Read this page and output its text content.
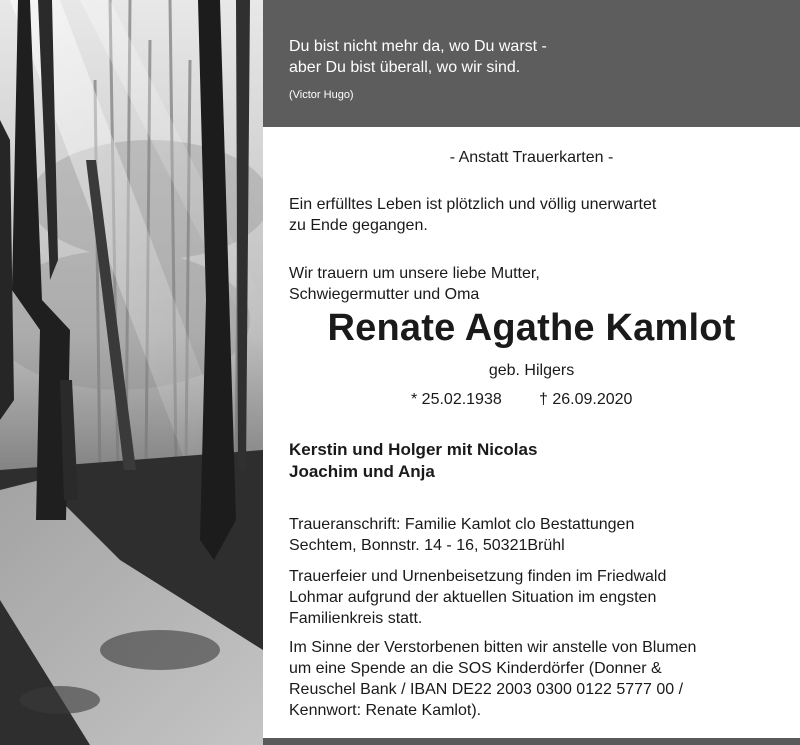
Du bist nicht mehr da, wo Du warst -
aber Du bist überall, wo wir sind.
(Victor Hugo)
- Anstatt Trauerkarten -
Ein erfülltes Leben ist plötzlich und völlig unerwartet
zu Ende gegangen.
Wir trauern um unsere liebe Mutter,
Schwiegermutter und Oma
Renate Agathe Kamlot
geb. Hilgers
* 25.02.1938 † 26.09.2020
Kerstin und Holger mit Nicolas
Joachim und Anja
Traueranschrift: Familie Kamlot clo Bestattungen
Sechtem, Bonnstr. 14 - 16, 50321Brühl
Trauerfeier und Urnenbeisetzung finden im Friedwald
Lohmar aufgrund der aktuellen Situation im engsten
Familienkreis statt.
Im Sinne der Verstorbenen bitten wir anstelle von Blumen
um eine Spende an die SOS Kinderdörfer (Donner &
Reuschel Bank / IBAN DE22 2003 0300 0122 5777 00 /
Kennwort: Renate Kamlot).
